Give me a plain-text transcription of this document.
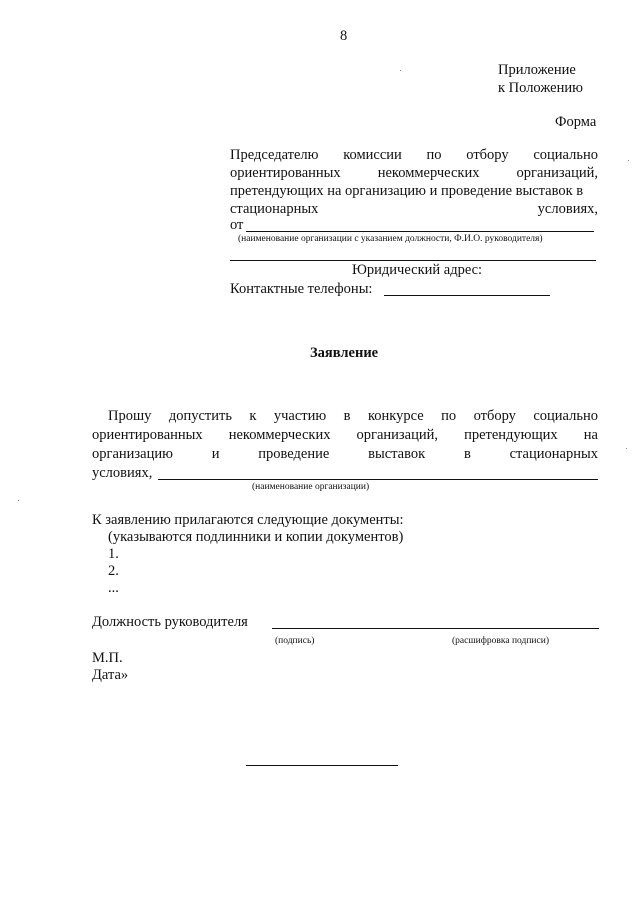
8
Приложение
к Положению
Форма
Председателю комиссии по отбору социально
ориентированных	некоммерческих	организаций,
претендующих на организацию и проведение выставок в
стационарных	условиях,
от
(наименование организации с указанием должности, Ф.И.О. руководителя)
Юридический адрес:
Контактные телефоны:
Заявление
Прошу допустить к участию в конкурсе по отбору социально
ориентированных некоммерческих организаций, претендующих на
организацию	и	проведение	выставок	в	стационарных
условиях,
(наименование организации)
К заявлению прилагаются следующие документы:
(указываются подлинники и копии документов)
1.
2.
...
Должность руководителя
(подпись)	(расшифровка подписи)
М.П.
Дата»
